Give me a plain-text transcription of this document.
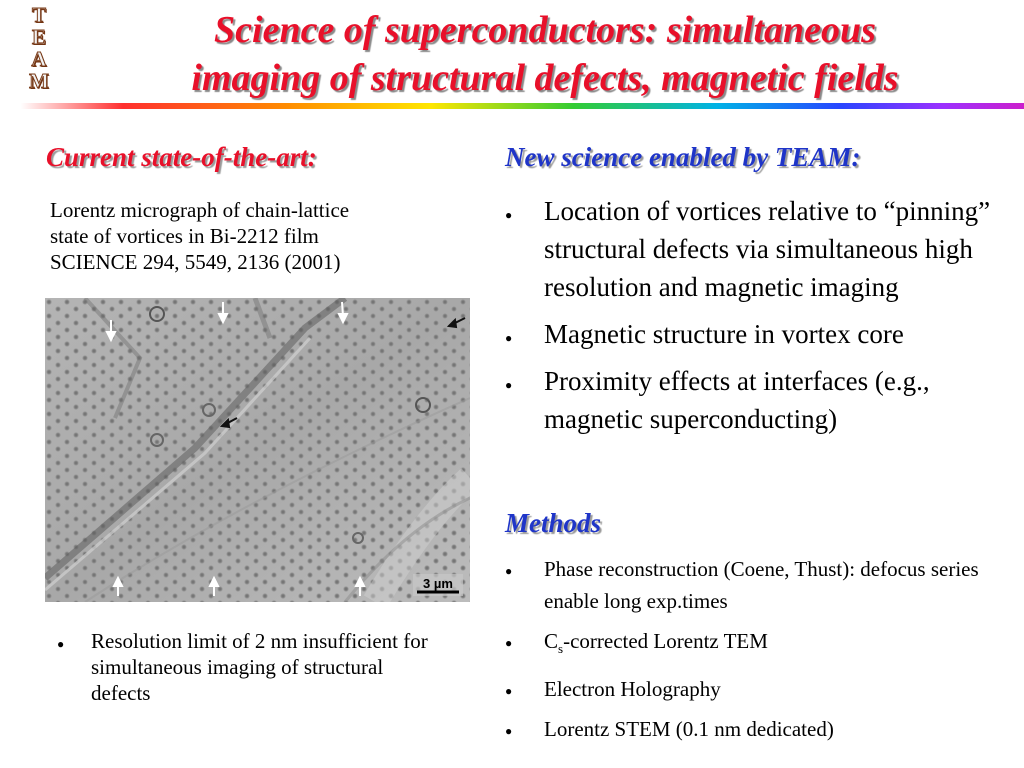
T
E
A
M
Science of superconductors: simultaneous
imaging of structural defects, magnetic fields
Current state-of-the-art:
Lorentz micrograph of chain-lattice
state of vortices in Bi-2212 film
SCIENCE 294, 5549, 2136 (2001)
3 µm
● Resolution limit of 2 nm insufficient for simultaneous imaging of structural defects
New science enabled by TEAM:
● Location of vortices relative to “pinning” structural defects via simultaneous high resolution and magnetic imaging
● Magnetic structure in vortex core
● Proximity effects at interfaces (e.g., magnetic superconducting)
Methods
● Phase reconstruction (Coene, Thust): defocus series enable long exp.times
● $C_s$-corrected Lorentz TEM
● Electron Holography
● Lorentz STEM (0.1 nm dedicated)
